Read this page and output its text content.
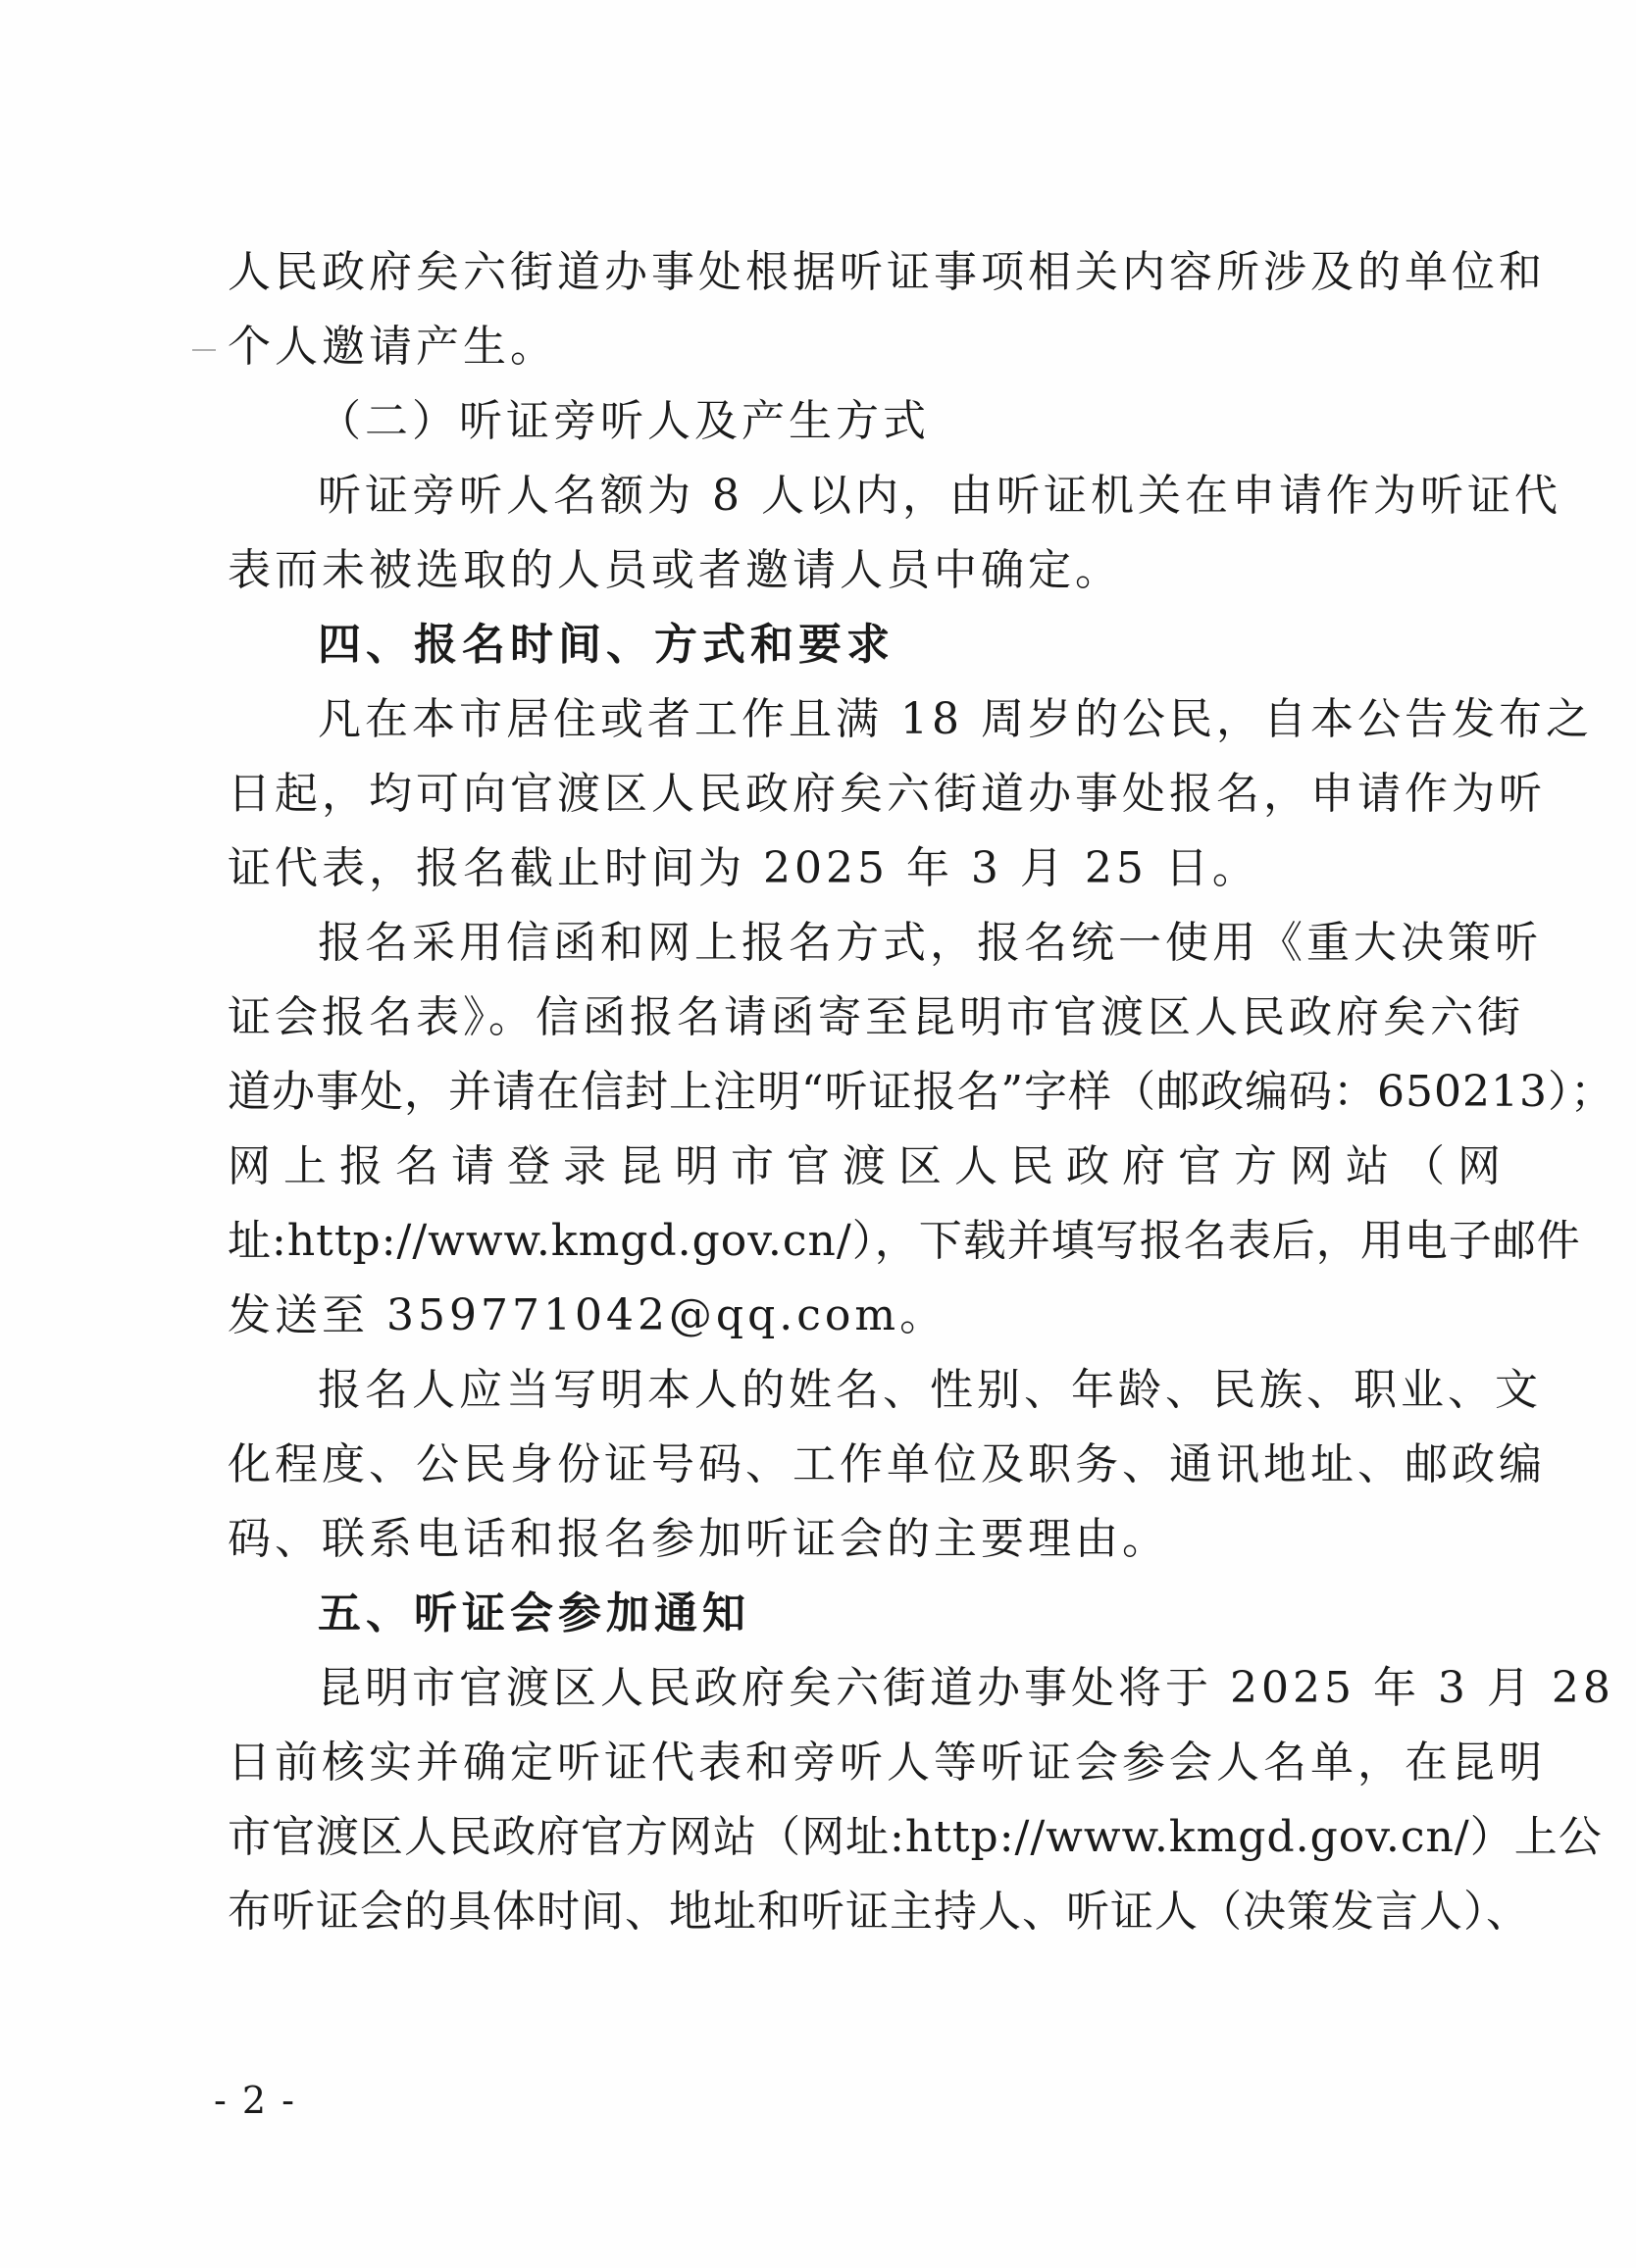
人民政府矣六街道办事处根据听证事项相关内容所涉及的单位和
个人邀请产生。
（二）听证旁听人及产生方式
听证旁听人名额为 8 人以内，由听证机关在申请作为听证代
表而未被选取的人员或者邀请人员中确定。
四、报名时间、方式和要求
凡在本市居住或者工作且满 18 周岁的公民，自本公告发布之
日起，均可向官渡区人民政府矣六街道办事处报名，申请作为听
证代表，报名截止时间为 2025 年 3 月 25 日。
报名采用信函和网上报名方式，报名统一使用《重大决策听
证会报名表》。信函报名请函寄至昆明市官渡区人民政府矣六街
道办事处，并请在信封上注明“听证报名”字样（邮政编码：650213）；
网上报名请登录昆明市官渡区人民政府官方网站（网
址:http://www.kmgd.gov.cn/），下载并填写报名表后，用电子邮件
发送至 359771042@qq.com。
报名人应当写明本人的姓名、性别、年龄、民族、职业、文
化程度、公民身份证号码、工作单位及职务、通讯地址、邮政编
码、联系电话和报名参加听证会的主要理由。
五、听证会参加通知
昆明市官渡区人民政府矣六街道办事处将于 2025 年 3 月 28
日前核实并确定听证代表和旁听人等听证会参会人名单，在昆明
市官渡区人民政府官方网站（网址:http://www.kmgd.gov.cn/）上公
布听证会的具体时间、地址和听证主持人、听证人（决策发言人）、
- 2 -
